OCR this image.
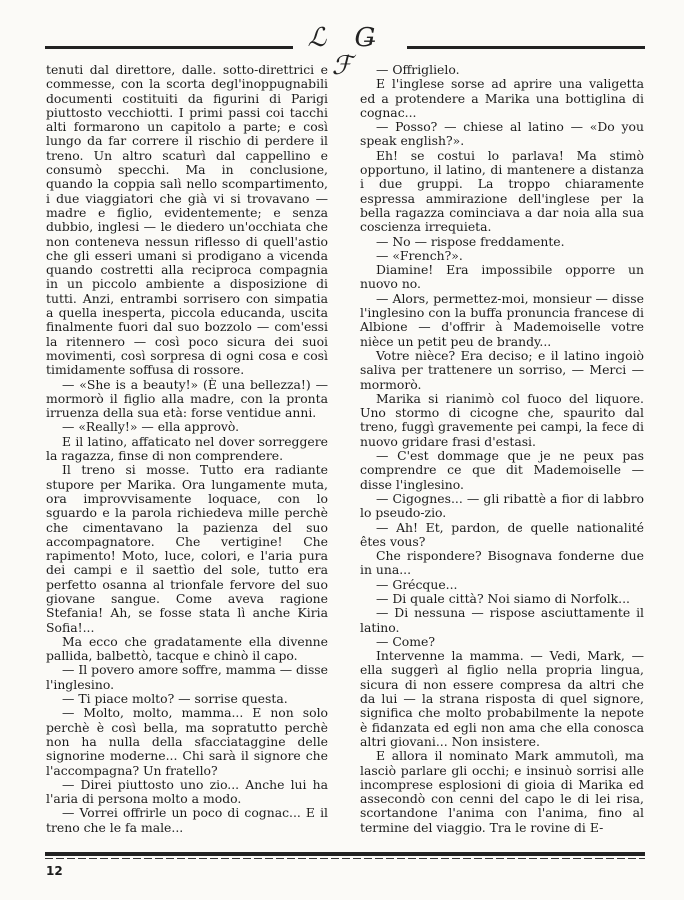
ℒ Ǥ ℱ

tenuti dal direttore, dalle. sotto-direttrici e commesse, con la scorta degl'inoppugnabili documenti costituiti da figurini di Parigi piuttosto vecchiotti. I primi passi coi tacchi alti formarono un capitolo a parte; e così lungo da far correre il rischio di perdere il treno. Un altro scaturì dal cappellino e consumò specchi. Ma in conclusione, quando la coppia salì nello scompartimento, i due viaggiatori che già vi si trovavano — madre e figlio, evidentemente; e senza dubbio, inglesi — le diedero un'occhiata che non conteneva nessun riflesso di quell'astio che gli esseri umani si prodigano a vicenda quando costretti alla reciproca compagnia in un piccolo ambiente a disposizione di tutti. Anzi, entrambi sorrisero con simpatia a quella inesperta, piccola educanda, uscita finalmente fuori dal suo bozzolo — com'essi la ritennero — così poco sicura dei suoi movimenti, così sorpresa di ogni cosa e così timidamente soffusa di rossore.

— «She is a beauty!» (È una bellezza!) — mormorò il figlio alla madre, con la pronta irruenza della sua età: forse ventidue anni.

— «Really!» — ella approvò.

E il latino, affaticato nel dover sorreggere la ragazza, finse di non comprendere.

Il treno si mosse. Tutto era radiante stupore per Marika. Ora lungamente muta, ora improvvisamente loquace, con lo sguardo e la parola richiedeva mille perchè che cimentavano la pazienza del suo accompagnatore. Che vertigine! Che rapimento! Moto, luce, colori, e l'aria pura dei campi e il saettìo del sole, tutto era perfetto osanna al trionfale fervore del suo giovane sangue. Come aveva ragione Stefania! Ah, se fosse stata lì anche Kiria Sofia!...

Ma ecco che gradatamente ella divenne pallida, balbettò, tacque e chinò il capo.

— Il povero amore soffre, mamma — disse l'inglesino.

— Ti piace molto? — sorrise questa.

— Molto, molto, mamma... E non solo perchè è così bella, ma sopratutto perchè non ha nulla della sfacciataggine delle signorine moderne... Chi sarà il signore che l'accompagna? Un fratello?

— Direi piuttosto uno zio... Anche lui ha l'aria di persona molto a modo.

— Vorrei offrirle un poco di cognac... E il treno che le fa male...

— Offriglielo.

E l'inglese sorse ad aprire una valigetta ed a protendere a Marika una bottiglina di cognac...

— Posso? — chiese al latino — «Do you speak english?».

Eh! se costui lo parlava! Ma stimò opportuno, il latino, di mantenere a distanza i due gruppi. La troppo chiaramente espressa ammirazione dell'inglese per la bella ragazza cominciava a dar noia alla sua coscienza irrequieta.

— No — rispose freddamente.

— «French?».

Diamine! Era impossibile opporre un nuovo no.

— Alors, permettez-moi, monsieur — disse l'inglesino con la buffa pronuncia francese di Albione — d'offrir à Mademoiselle votre nièce un petit peu de brandy...

Votre nièce? Era deciso; e il latino ingoiò saliva per trattenere un sorriso, — Merci — mormorò.

Marika si rianimò col fuoco del liquore. Uno stormo di cicogne che, spaurito dal treno, fuggì gravemente pei campi, la fece di nuovo gridare frasi d'estasi.

— C'est dommage que je ne peux pas comprendre ce que dit Mademoiselle — disse l'inglesino.

— Cigognes... — gli ribattè a fior di labbro lo pseudo-zio.

— Ah! Et, pardon, de quelle nationalité êtes vous?

Che rispondere? Bisognava fonderne due in una...

— Grécque...

— Di quale città? Noi siamo di Norfolk...

— Di nessuna — rispose asciuttamente il latino.

— Come?

Intervenne la mamma. — Vedi, Mark, — ella suggerì al figlio nella propria lingua, sicura di non essere compresa da altri che da lui — la strana risposta di quel signore, significa che molto probabilmente la nepote è fidanzata ed egli non ama che ella conosca altri giovani... Non insistere.

E allora il nominato Mark ammutolì, ma lasciò parlare gli occhi; e insinuò sorrisi alle incomprese esplosioni di gioia di Marika ed assecondò con cenni del capo le di lei risa, scortandone l'anima con l'anima, fino al termine del viaggio. Tra le rovine di E-

12
